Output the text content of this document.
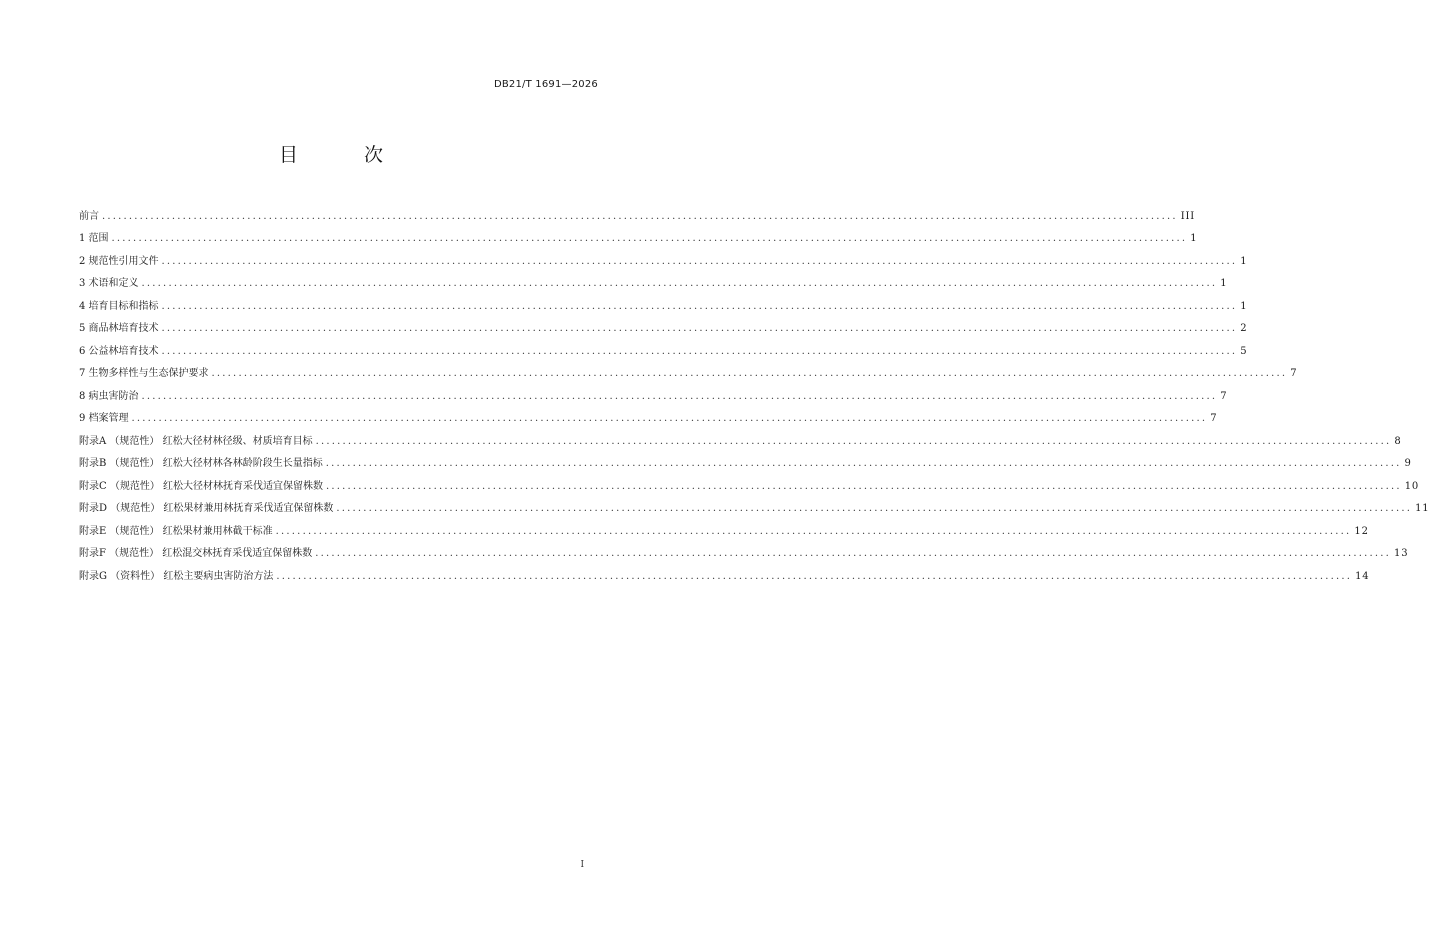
DB21/T 1691—2026
目 次
前言 ........................................................................................................................................................................................................ III
1 范围 ........................................................................................................................................................................................................ 1
2 规范性引用文件 ........................................................................................................................................................................................................ 1
3 术语和定义 ........................................................................................................................................................................................................ 1
4 培育目标和指标 ........................................................................................................................................................................................................ 1
5 商品林培育技术 ........................................................................................................................................................................................................ 2
6 公益林培育技术 ........................................................................................................................................................................................................ 5
7 生物多样性与生态保护要求 ........................................................................................................................................................................................................ 7
8 病虫害防治 ........................................................................................................................................................................................................ 7
9 档案管理 ........................................................................................................................................................................................................ 7
附录A （规范性） 红松大径材林径级、材质培育目标 ........................................................................................................................................................................................................ 8
附录B （规范性） 红松大径材林各林龄阶段生长量指标 ........................................................................................................................................................................................................ 9
附录C （规范性） 红松大径材林抚育采伐适宜保留株数 ........................................................................................................................................................................................................ 10
附录D （规范性） 红松果材兼用林抚育采伐适宜保留株数 ........................................................................................................................................................................................................ 11
附录E （规范性） 红松果材兼用林截干标准 ........................................................................................................................................................................................................ 12
附录F （规范性） 红松混交林抚育采伐适宜保留株数 ........................................................................................................................................................................................................ 13
附录G （资料性） 红松主要病虫害防治方法 ........................................................................................................................................................................................................ 14
I
